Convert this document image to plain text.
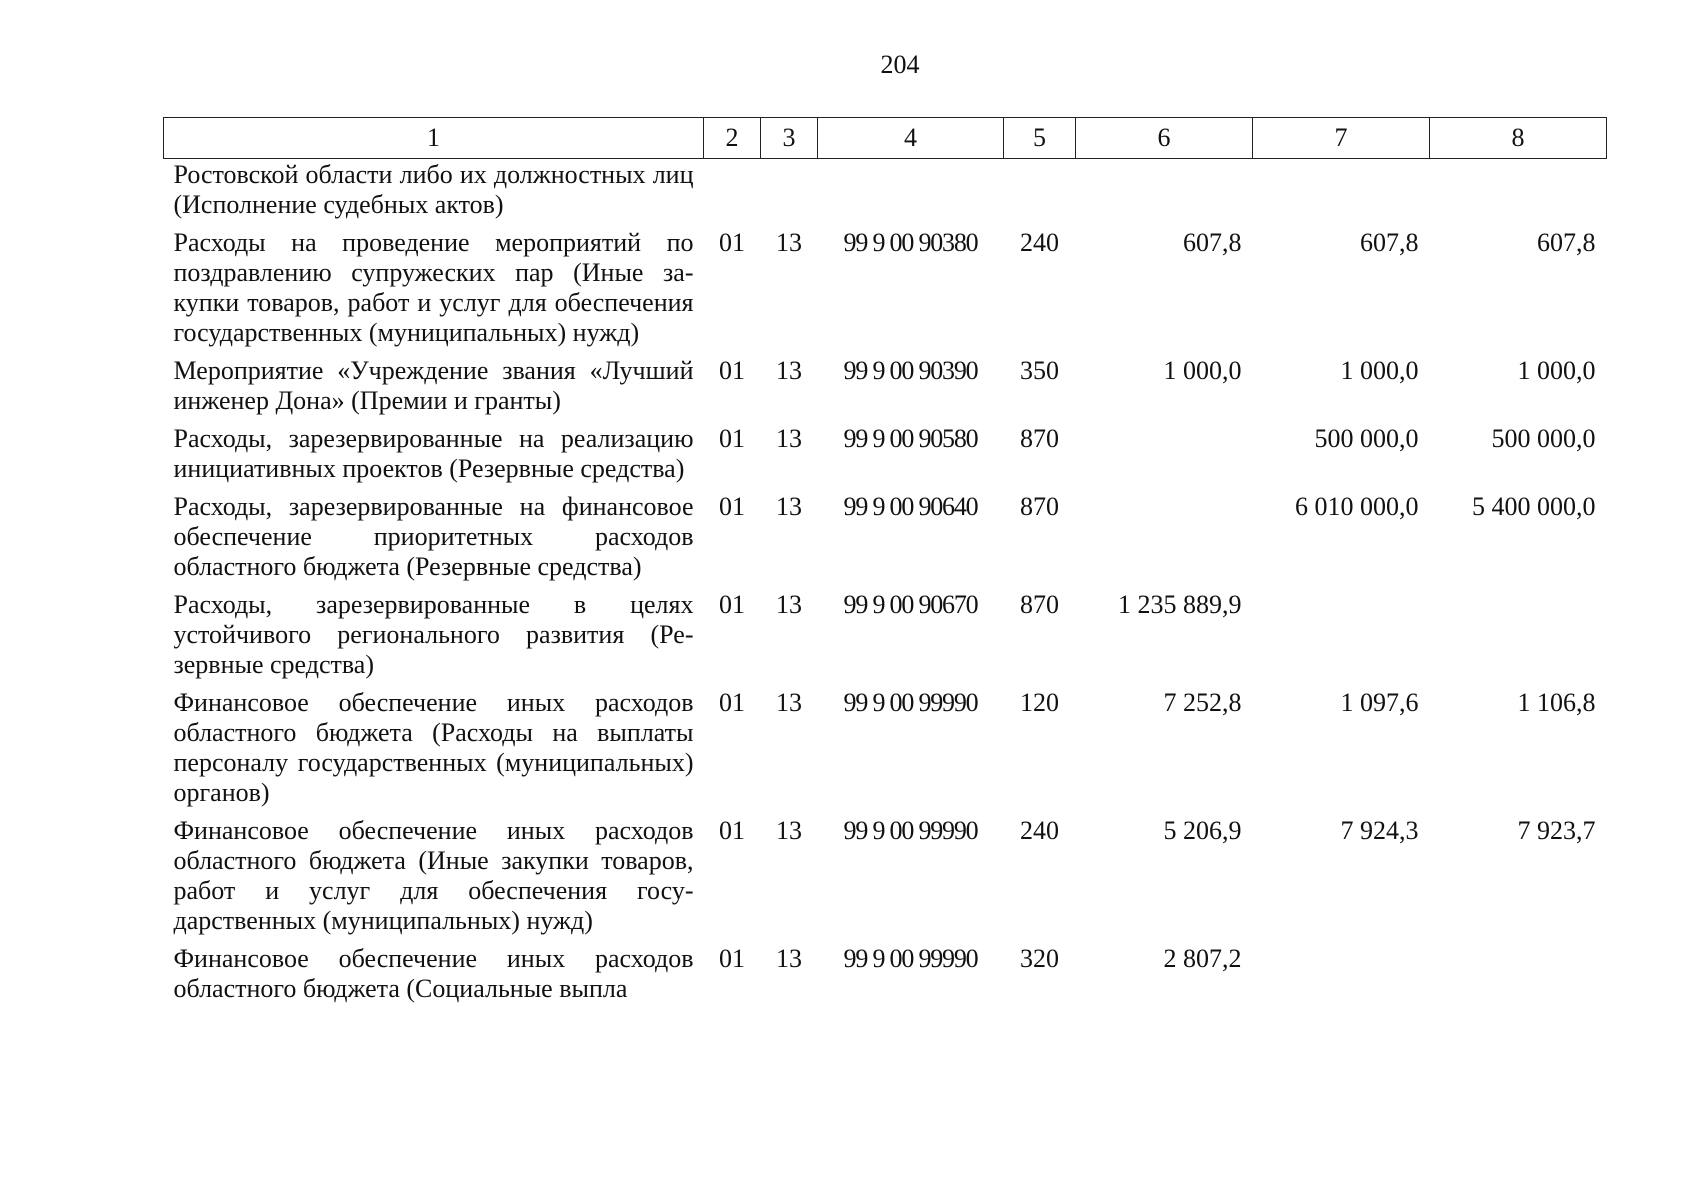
204
1	2	3	4	5	6	7	8
Ростовской области либо их должностных лиц (Исполнение судебных актов)							
Расходы на проведение мероприятий по поздравлению супружеских пар (Иные закупки товаров, работ и услуг для обеспечения государственных (муниципальных) нужд)	01	13	99 9 00 90380	240	607,8	607,8	607,8
Мероприятие «Учреждение звания «Лучший инженер Дона» (Премии и гранты)	01	13	99 9 00 90390	350	1 000,0	1 000,0	1 000,0
Расходы, зарезервированные на реализацию инициативных проектов (Резервные средства)	01	13	99 9 00 90580	870		500 000,0	500 000,0
Расходы, зарезервированные на финансовое обеспечение приоритетных расходов областного бюджета (Резервные средства)	01	13	99 9 00 90640	870		6 010 000,0	5 400 000,0
Расходы, зарезервированные в целях устойчивого регионального развития (Резервные средства)	01	13	99 9 00 90670	870	1 235 889,9		
Финансовое обеспечение иных расходов областного бюджета (Расходы на выплаты персоналу государственных (муниципальных) органов)	01	13	99 9 00 99990	120	7 252,8	1 097,6	1 106,8
Финансовое обеспечение иных расходов областного бюджета (Иные закупки товаров, работ и услуг для обеспечения государственных (муниципальных) нужд)	01	13	99 9 00 99990	240	5 206,9	7 924,3	7 923,7
Финансовое обеспечение иных расходов областного бюджета (Социальные выпла	01	13	99 9 00 99990	320	2 807,2		
